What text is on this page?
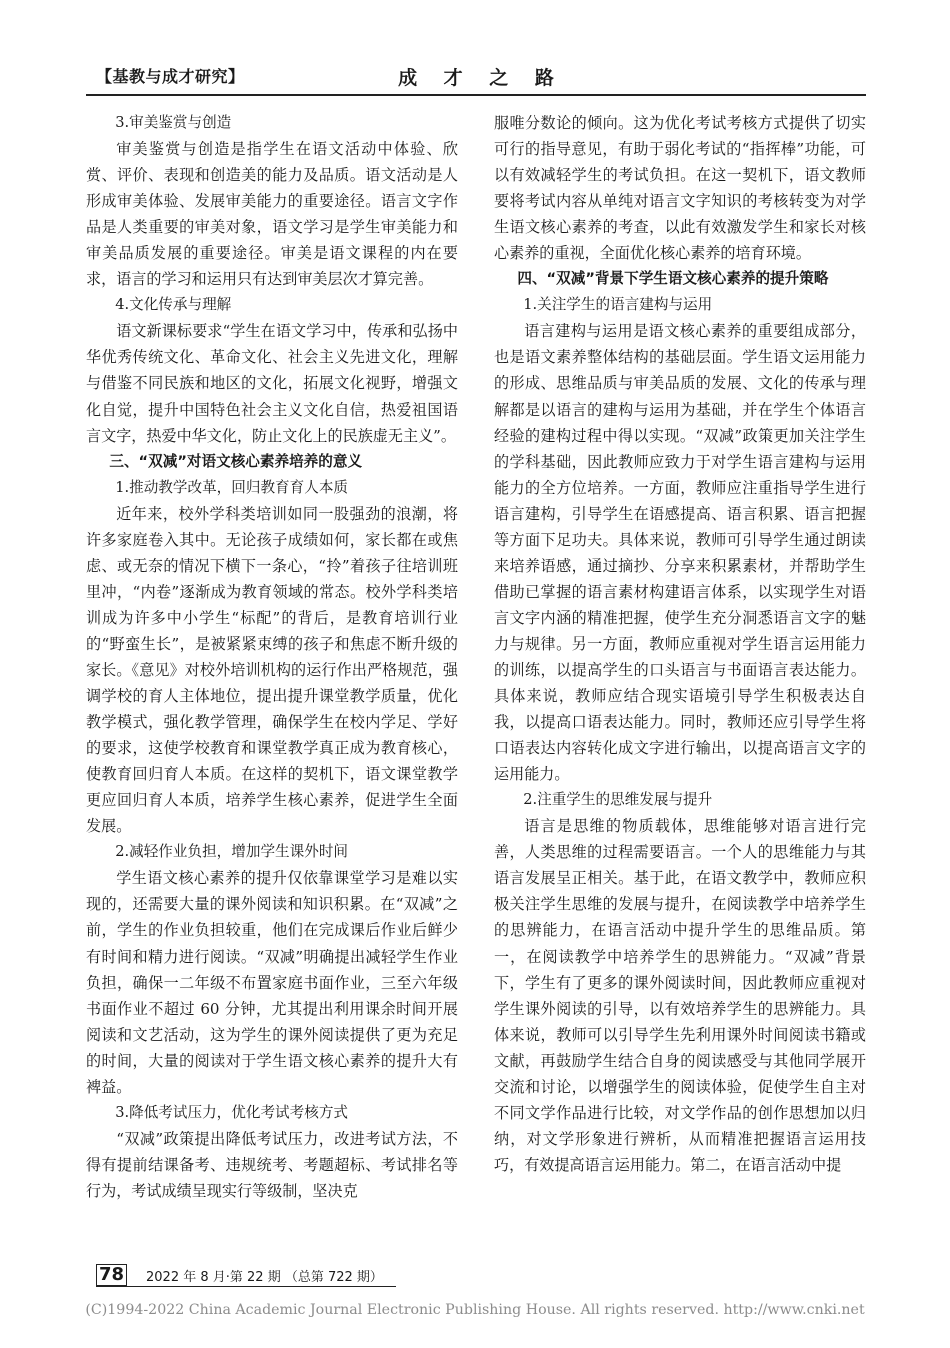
【基教与成才研究】	成 才 之 路

3.审美鉴赏与创造

审美鉴赏与创造是指学生在语文活动中体验、欣赏、评价、表现和创造美的能力及品质。语文活动是人形成审美体验、发展审美能力的重要途径。语言文字作品是人类重要的审美对象，语文学习是学生审美能力和审美品质发展的重要途径。审美是语文课程的内在要求，语言的学习和运用只有达到审美层次才算完善。

4.文化传承与理解

语文新课标要求“学生在语文学习中，传承和弘扬中华优秀传统文化、革命文化、社会主义先进文化，理解与借鉴不同民族和地区的文化，拓展文化视野，增强文化自觉，提升中国特色社会主义文化自信，热爱祖国语言文字，热爱中华文化，防止文化上的民族虚无主义”。

三、“双减”对语文核心素养培养的意义

1.推动教学改革，回归教育育人本质

近年来，校外学科类培训如同一股强劲的浪潮，将许多家庭卷入其中。无论孩子成绩如何，家长都在或焦虑、或无奈的情况下横下一条心，“拎”着孩子往培训班里冲，“内卷”逐渐成为教育领域的常态。校外学科类培训成为许多中小学生“标配”的背后，是教育培训行业的“野蛮生长”，是被紧紧束缚的孩子和焦虑不断升级的家长。《意见》对校外培训机构的运行作出严格规范，强调学校的育人主体地位，提出提升课堂教学质量，优化教学模式，强化教学管理，确保学生在校内学足、学好的要求，这使学校教育和课堂教学真正成为教育核心，使教育回归育人本质。在这样的契机下，语文课堂教学更应回归育人本质，培养学生核心素养，促进学生全面发展。

2.减轻作业负担，增加学生课外时间

学生语文核心素养的提升仅依靠课堂学习是难以实现的，还需要大量的课外阅读和知识积累。在“双减”之前，学生的作业负担较重，他们在完成课后作业后鲜少有时间和精力进行阅读。“双减”明确提出减轻学生作业负担，确保一二年级不布置家庭书面作业，三至六年级书面作业不超过 60 分钟，尤其提出利用课余时间开展阅读和文艺活动，这为学生的课外阅读提供了更为充足的时间，大量的阅读对于学生语文核心素养的提升大有裨益。

3.降低考试压力，优化考试考核方式

“双减”政策提出降低考试压力，改进考试方法，不得有提前结课备考、违规统考、考题超标、考试排名等行为，考试成绩呈现实行等级制，坚决克

服唯分数论的倾向。这为优化考试考核方式提供了切实可行的指导意见，有助于弱化考试的“指挥棒”功能，可以有效减轻学生的考试负担。在这一契机下，语文教师要将考试内容从单纯对语言文字知识的考核转变为对学生语文核心素养的考查，以此有效激发学生和家长对核心素养的重视，全面优化核心素养的培育环境。

四、“双减”背景下学生语文核心素养的提升策略

1.关注学生的语言建构与运用

语言建构与运用是语文核心素养的重要组成部分，也是语文素养整体结构的基础层面。学生语文运用能力的形成、思维品质与审美品质的发展、文化的传承与理解都是以语言的建构与运用为基础，并在学生个体语言经验的建构过程中得以实现。“双减”政策更加关注学生的学科基础，因此教师应致力于对学生语言建构与运用能力的全方位培养。一方面，教师应注重指导学生进行语言建构，引导学生在语感提高、语言积累、语言把握等方面下足功夫。具体来说，教师可引导学生通过朗读来培养语感，通过摘抄、分享来积累素材，并帮助学生借助已掌握的语言素材构建语言体系，以实现学生对语言文字内涵的精准把握，使学生充分洞悉语言文字的魅力与规律。另一方面，教师应重视对学生语言运用能力的训练，以提高学生的口头语言与书面语言表达能力。具体来说，教师应结合现实语境引导学生积极表达自我，以提高口语表达能力。同时，教师还应引导学生将口语表达内容转化成文字进行输出，以提高语言文字的运用能力。

2.注重学生的思维发展与提升

语言是思维的物质载体，思维能够对语言进行完善，人类思维的过程需要语言。一个人的思维能力与其语言发展呈正相关。基于此，在语文教学中，教师应积极关注学生思维的发展与提升，在阅读教学中培养学生的思辨能力，在语言活动中提升学生的思维品质。第一，在阅读教学中培养学生的思辨能力。“双减”背景下，学生有了更多的课外阅读时间，因此教师应重视对学生课外阅读的引导，以有效培养学生的思辨能力。具体来说，教师可以引导学生先利用课外时间阅读书籍或文献，再鼓励学生结合自身的阅读感受与其他同学展开交流和讨论，以增强学生的阅读体验，促使学生自主对不同文学作品进行比较，对文学作品的创作思想加以归纳，对文学形象进行辨析，从而精准把握语言运用技巧，有效提高语言运用能力。第二，在语言活动中提

78 2022 年 8 月·第 22 期 （总第 722 期）
(C)1994-2022 China Academic Journal Electronic Publishing House. All rights reserved. http://www.cnki.net
